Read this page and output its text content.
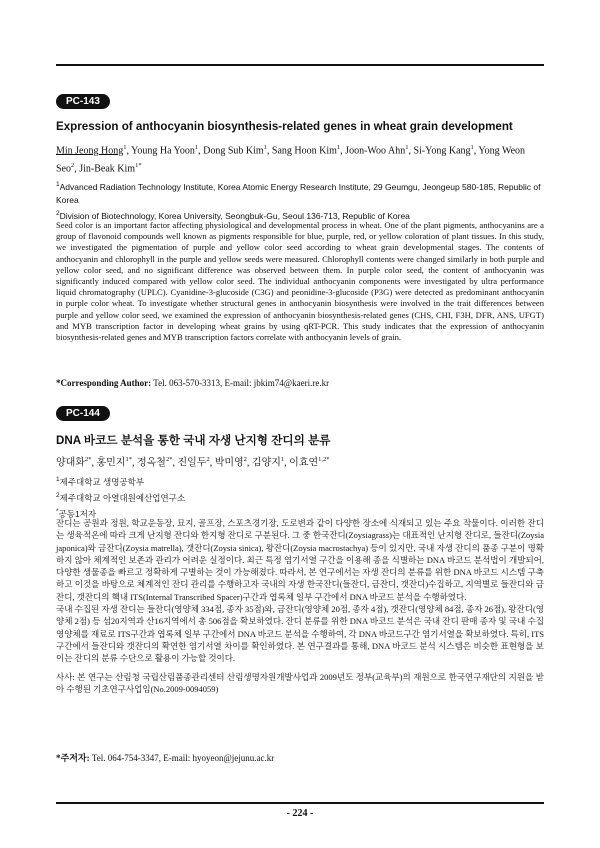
PC-143
Expression of anthocyanin biosynthesis-related genes in wheat grain development
Min Jeong Hong$^1$, Young Ha Yoon$^1$, Dong Sub Kim$^1$, Sang Hoon Kim$^1$, Joon-Woo Ahn$^1$, Si-Yong Kang$^1$, Yong Weon Seo$^2$, Jin-Beak Kim$^{1*}$
$^1$Advanced Radiation Technology Institute, Korea Atomic Energy Research Institute, 29 Geumgu, Jeongeup 580-185, Republic of Korea
$^2$Division of Biotechnology, Korea University, Seongbuk-Gu, Seoul 136-713, Republic of Korea

Seed color is an important factor affecting physiological and developmental process in wheat. One of the plant pigments, anthocyanins are a group of flavonoid compounds well known as pigments responsible for blue, purple, red, or yellow coloration of plant tissues. In this study, we investigated the pigmentation of purple and yellow color seed according to wheat grain developmental stages. The contents of anthocyanin and chlorophyll in the purple and yellow seeds were measured. Chlorophyll contents were changed similarly in both purple and yellow color seed, and no significant difference was observed between them. In purple color seed, the content of anthocyanin was significantly induced compared with yellow color seed. The individual anthocyanin components were investigated by ultra performance liquid chromatography (UPLC). Cyanidine-3-glucoside (C3G) and peonidine-3-glucoside (P3G) were detected as predominant anthocyanin in purple color wheat. To investigate whether structural genes in anthocyanin biosynthesis were involved in the trait differences between purple and yellow color seed, we examined the expression of anthocyanin biosynthesis-related genes (CHS, CHI, F3H, DFR, ANS, UFGT) and MYB transcription factor in developing wheat grains by using qRT-PCR. This study indicates that the expression of anthocyanin biosynthesis-related genes and MYB transcription factors correlate with anthocyanin levels of grain.

*Corresponding Author: Tel. 063-570-3313, E-mail: jbkim74@kaeri.re.kr
PC-144
DNA 바코드 분석을 통한 국내 자생 난지형 잔디의 분류
양대화$^{2*}$, 홍민지$^{1*}$, 정옥철$^{2*}$, 진일두$^2$, 박미영$^2$, 김양지$^1$, 이효연$^{1,2*}$
$^1$제주대학교 생명공학부
$^2$제주대학교 아열대원예산업연구소
*공동1저자

잔디는 공원과 정원, 학교운동장, 묘지, 골프장, 스포츠경기장, 도로변과 같이 다양한 장소에 식재되고 있는 주요 작물이다. 이러한 잔디는 생육적온에 따라 크게 난지형 잔디와 한지형 잔디로 구분된다. 그 중 한국잔디(Zoysiagrass)는 대표적인 난지형 잔디로, 들잔디(Zoysia japonica)와 금잔디(Zoysia matrella), 갯잔디(Zoysia sinica), 왕잔디(Zoysia macrostachya) 등이 있지만, 국내 자생 잔디의 품종 구분이 명확하지 않아 체계적인 보존과 관리가 어려운 실정이다. 최근 특정 염기서열 구간을 이용해 종을 식별하는 DNA 바코드 분석법이 개발되어, 다양한 생물종을 빠르고 정확하게 구별하는 것이 가능해졌다. 따라서, 본 연구에서는 자생 잔디의 분류를 위한 DNA 바코드 시스템 구축하고 이것을 바탕으로 체계적인 잔디 관리를 수행하고자 국내의 자생 한국잔디(들잔디, 금잔디, 갯잔디)수집하고, 지역별로 들잔디와 금잔디, 갯잔디의 핵내 ITS(Internal Transcribed Spacer)구간과 엽록체 일부 구간에서 DNA 바코드 분석을 수행하였다.

국내 수집된 자생 잔디는 들잔디(영양체 334점, 종자 35점)와, 금잔디(영양체 20점, 종자 4점), 갯잔디(영양체 84점, 종자 26점), 왕잔디(영양체 2점) 등 섬20지역과 산16지역에서 총 506점을 확보하였다. 잔디 분류를 위한 DNA 바코드 분석은 국내 잔디 판매 종자 및 국내 수집 영양체를 재료로 ITS구간과 엽록체 일부 구간에서 DNA 바코드 분석을 수행하여, 각 DNA 바코드구간 염기서열을 확보하였다. 특히, ITS 구간에서 들잔디와 갯잔디의 확연한 염기서열 차이를 확인하였다. 본 연구결과를 통해, DNA 바코드 분석 시스템은 비슷한 표현형을 보이는 잔디의 분류 수단으로 활용이 가능할 것이다.

사사: 본 연구는 산림청 국립산림품종관리센터 산림생명자원개발사업과 2009년도 정부(교육부)의 재원으로 한국연구재단의 지원을 받아 수행된 기초연구사업임(No.2009-0094059)

*주저자: Tel. 064-754-3347, E-mail: hyoyeon@jejunu.ac.kr
- 224 -
